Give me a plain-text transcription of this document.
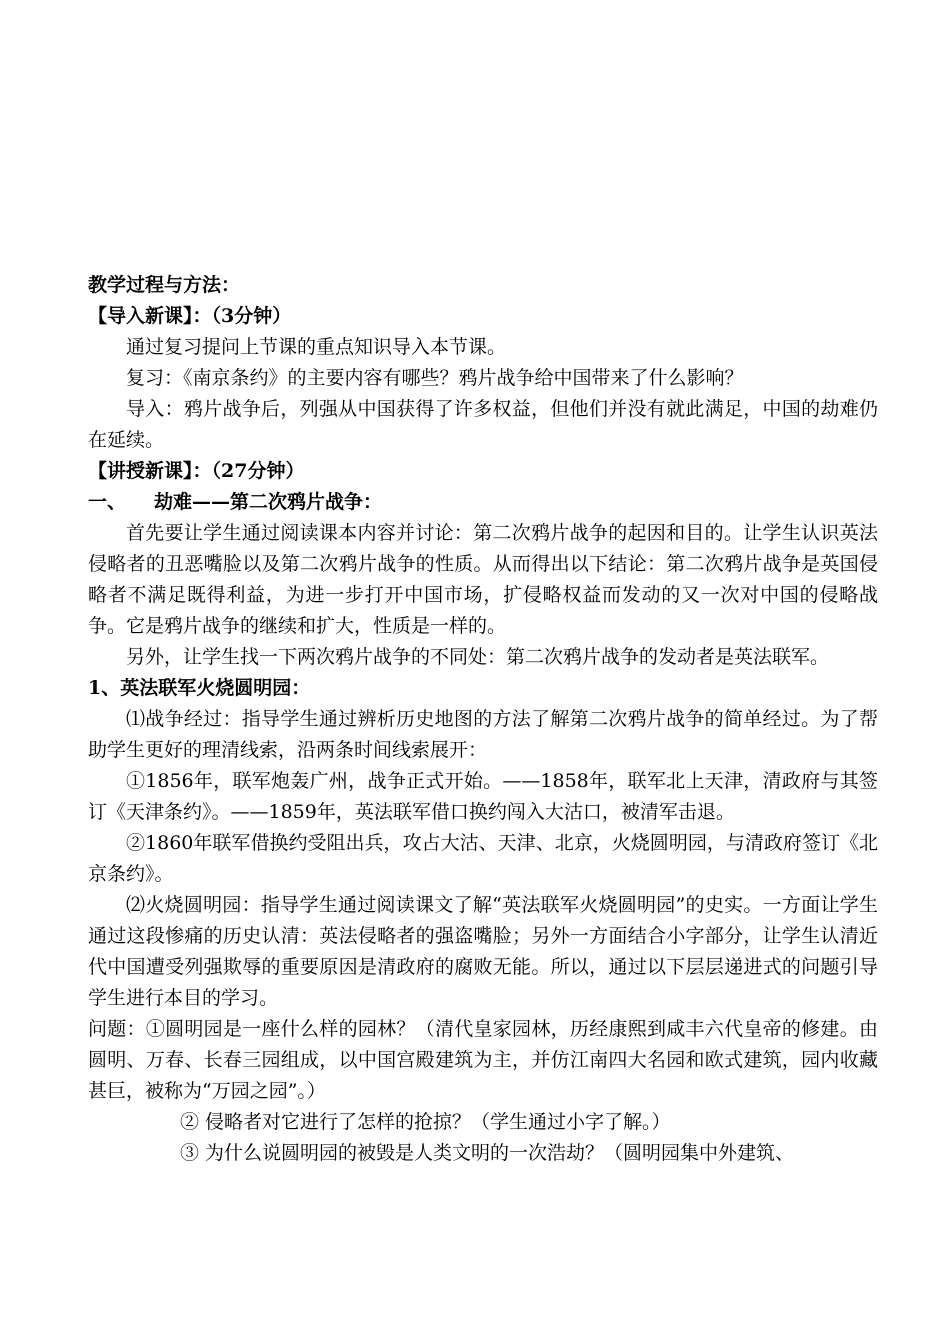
教学过程与方法：
【导入新课】：（3分钟）
通过复习提问上节课的重点知识导入本节课。
复习：《南京条约》的主要内容有哪些？鸦片战争给中国带来了什么影响？
导入：鸦片战争后，列强从中国获得了许多权益，但他们并没有就此满足，中国的劫难仍在延续。
【讲授新课】：（27分钟）
一、 劫难——第二次鸦片战争：
首先要让学生通过阅读课本内容并讨论：第二次鸦片战争的起因和目的。让学生认识英法侵略者的丑恶嘴脸以及第二次鸦片战争的性质。从而得出以下结论：第二次鸦片战争是英国侵略者不满足既得利益，为进一步打开中国市场，扩侵略权益而发动的又一次对中国的侵略战争。它是鸦片战争的继续和扩大，性质是一样的。
另外，让学生找一下两次鸦片战争的不同处：第二次鸦片战争的发动者是英法联军。
1、英法联军火烧圆明园：
⑴战争经过：指导学生通过辨析历史地图的方法了解第二次鸦片战争的简单经过。为了帮助学生更好的理清线索，沿两条时间线索展开：
①1856年，联军炮轰广州，战争正式开始。——1858年，联军北上天津，清政府与其签订《天津条约》。——1859年，英法联军借口换约闯入大沽口，被清军击退。
②1860年联军借换约受阻出兵，攻占大沽、天津、北京，火烧圆明园，与清政府签订《北京条约》。
⑵火烧圆明园：指导学生通过阅读课文了解“英法联军火烧圆明园”的史实。一方面让学生通过这段惨痛的历史认清：英法侵略者的强盗嘴脸；另外一方面结合小字部分，让学生认清近代中国遭受列强欺辱的重要原因是清政府的腐败无能。所以，通过以下层层递进式的问题引导学生进行本目的学习。
问题：①圆明园是一座什么样的园林？（清代皇家园林，历经康熙到咸丰六代皇帝的修建。由圆明、万春、长春三园组成，以中国宫殿建筑为主，并仿江南四大名园和欧式建筑，园内收藏甚巨，被称为“万园之园”。）
② 侵略者对它进行了怎样的抢掠？（学生通过小字了解。）
③ 为什么说圆明园的被毁是人类文明的一次浩劫？（圆明园集中外建筑、
